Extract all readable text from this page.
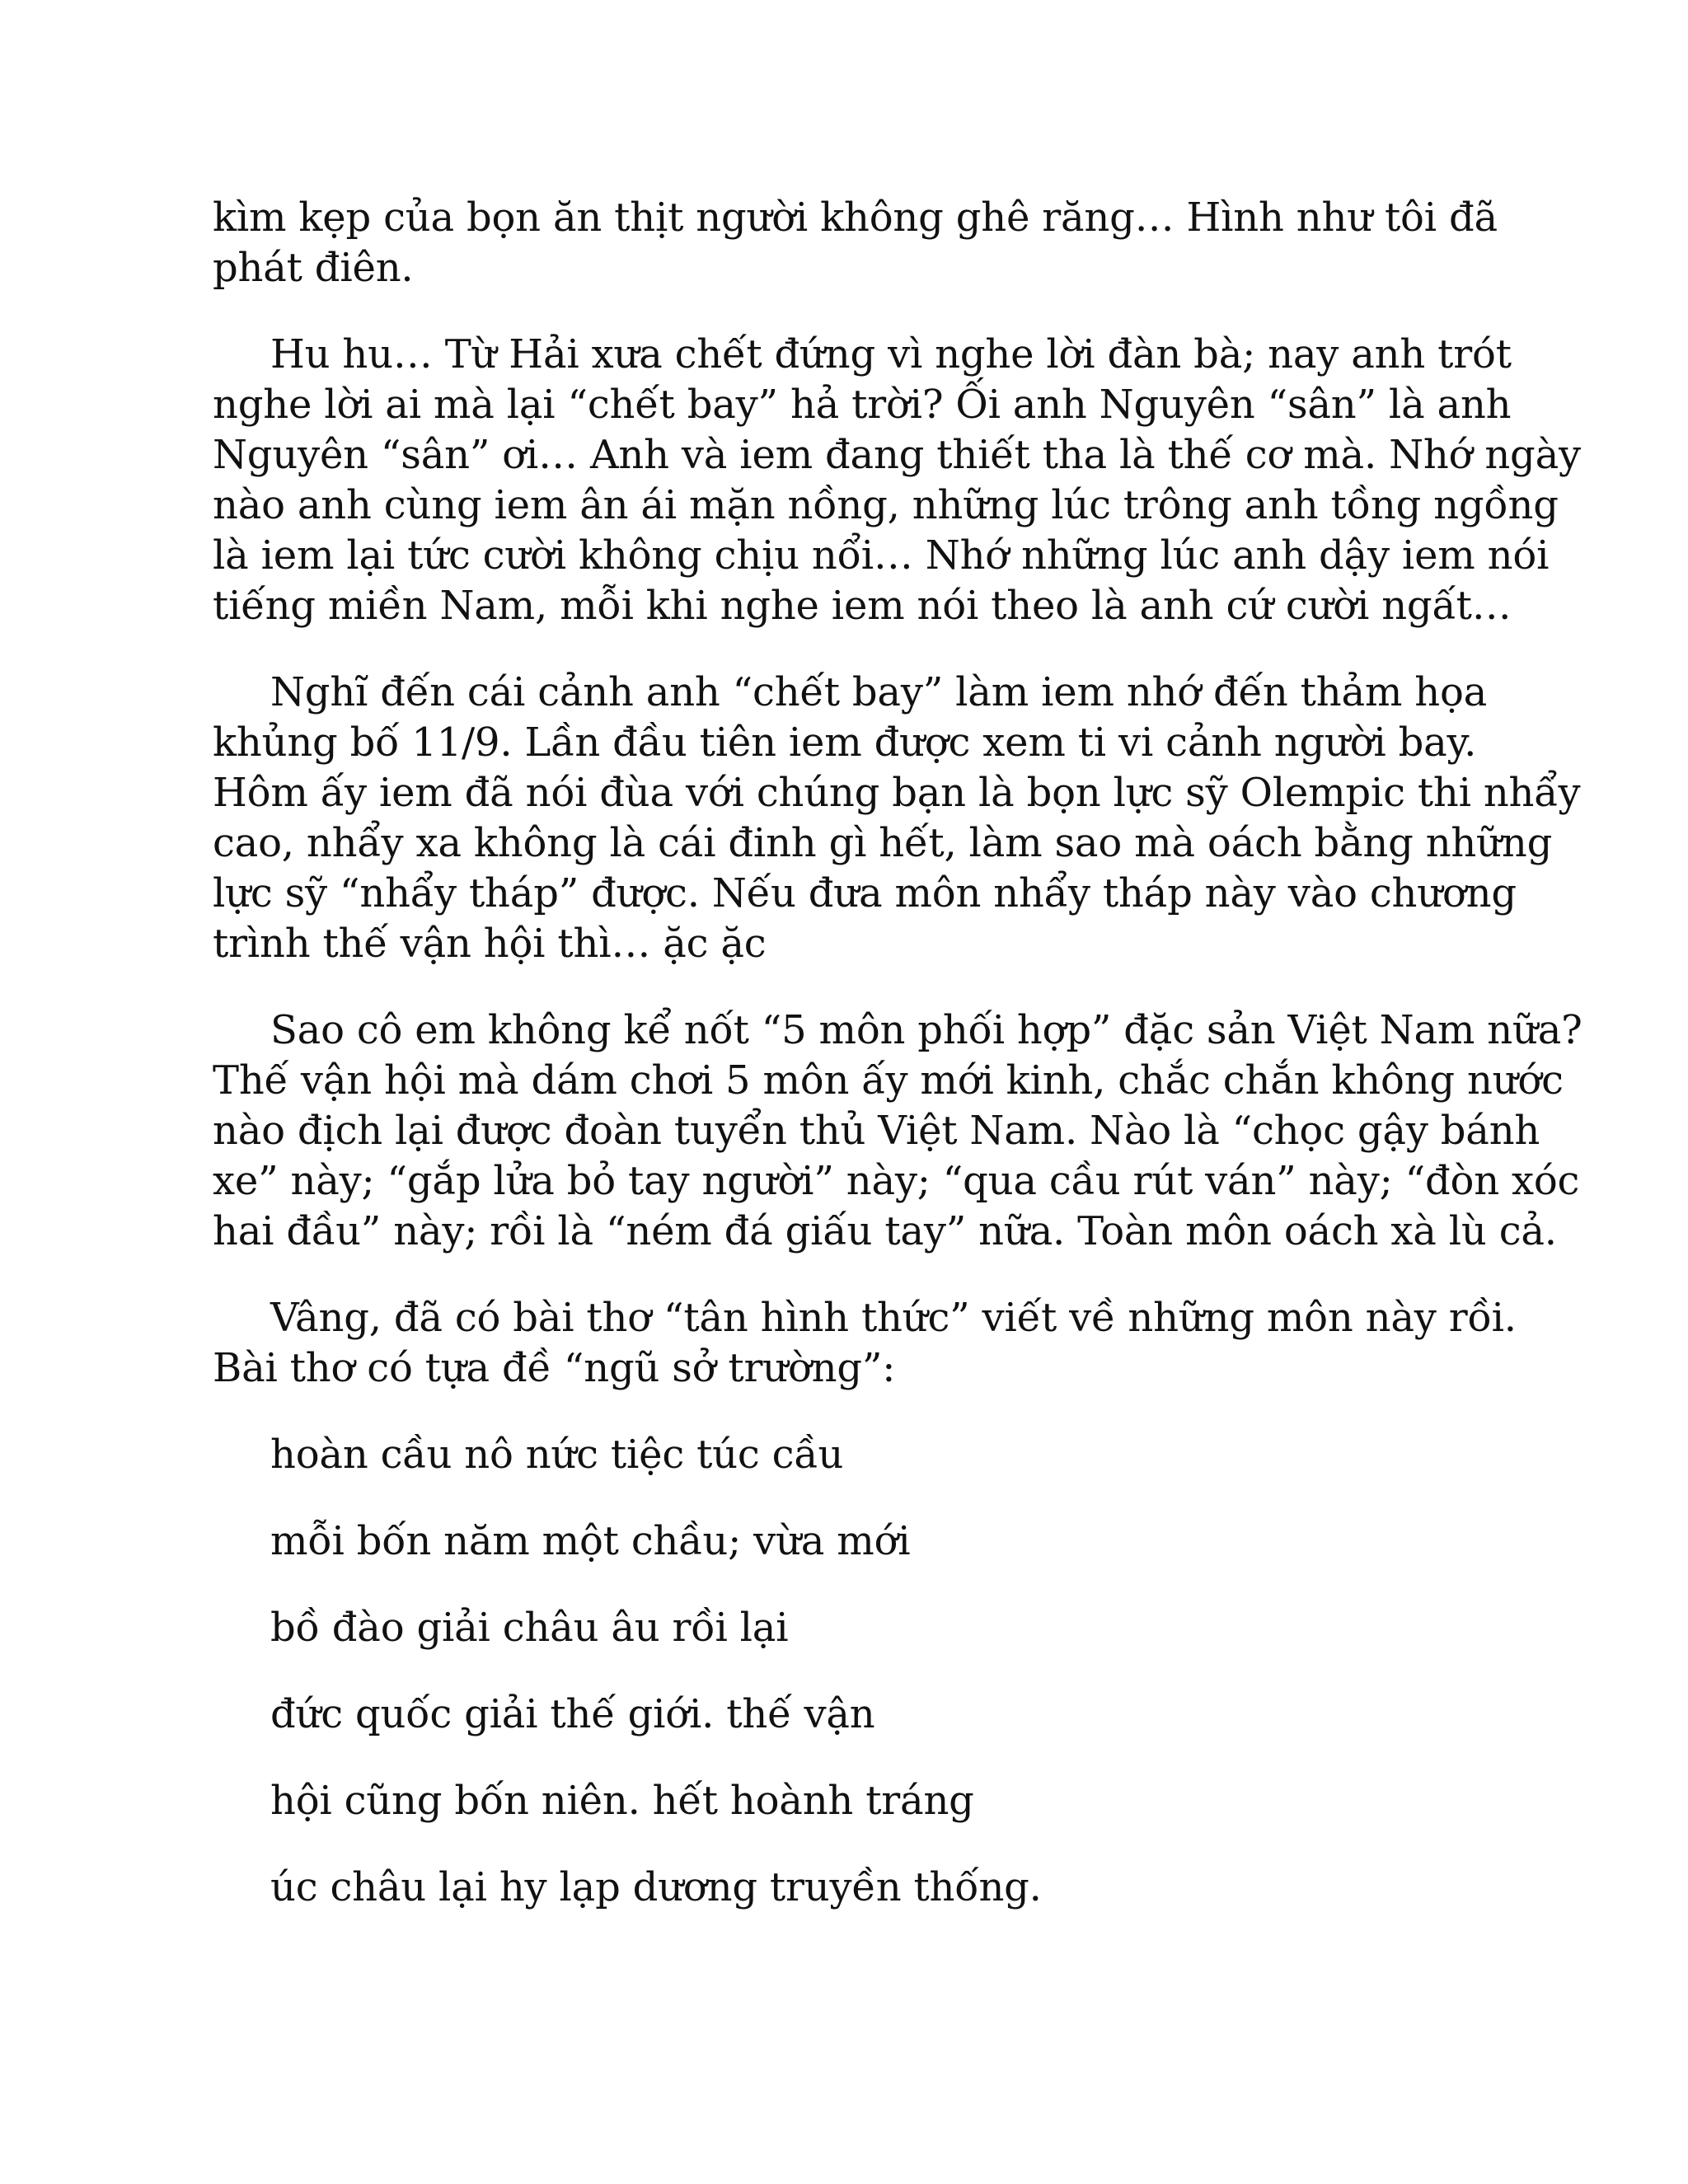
kìm kẹp của bọn ăn thịt người không ghê răng… Hình như tôi đã
phát điên.

Hu hu… Từ Hải xưa chết đứng vì nghe lời đàn bà; nay anh trót
nghe lời ai mà lại “chết bay” hả trời? Ối anh Nguyên “sân” là anh
Nguyên “sân” ơi… Anh và iem đang thiết tha là thế cơ mà. Nhớ ngày
nào anh cùng iem ân ái mặn nồng, những lúc trông anh tồng ngồng
là iem lại tức cười không chịu nổi… Nhớ những lúc anh dậy iem nói
tiếng miền Nam, mỗi khi nghe iem nói theo là anh cứ cười ngất…

Nghĩ đến cái cảnh anh “chết bay” làm iem nhớ đến thảm họa
khủng bố 11/9. Lần đầu tiên iem được xem ti vi cảnh người bay.
Hôm ấy iem đã nói đùa với chúng bạn là bọn lực sỹ Olempic thi nhẩy
cao, nhẩy xa không là cái đinh gì hết, làm sao mà oách bằng những
lực sỹ “nhẩy tháp” được. Nếu đưa môn nhẩy tháp này vào chương
trình thế vận hội thì… ặc ặc

Sao cô em không kể nốt “5 môn phối hợp” đặc sản Việt Nam nữa?
Thế vận hội mà dám chơi 5 môn ấy mới kinh, chắc chắn không nước
nào địch lại được đoàn tuyển thủ Việt Nam. Nào là “chọc gậy bánh
xe” này; “gắp lửa bỏ tay người” này; “qua cầu rút ván” này; “đòn xóc
hai đầu” này; rồi là “ném đá giấu tay” nữa. Toàn môn oách xà lù cả.

Vâng, đã có bài thơ “tân hình thức” viết về những môn này rồi.
Bài thơ có tựa đề “ngũ sở trường”:

hoàn cầu nô nức tiệc túc cầu

mỗi bốn năm một chầu; vừa mới

bồ đào giải châu âu rồi lại

đức quốc giải thế giới. thế vận

hội cũng bốn niên. hết hoành tráng

úc châu lại hy lạp dương truyền thống.
